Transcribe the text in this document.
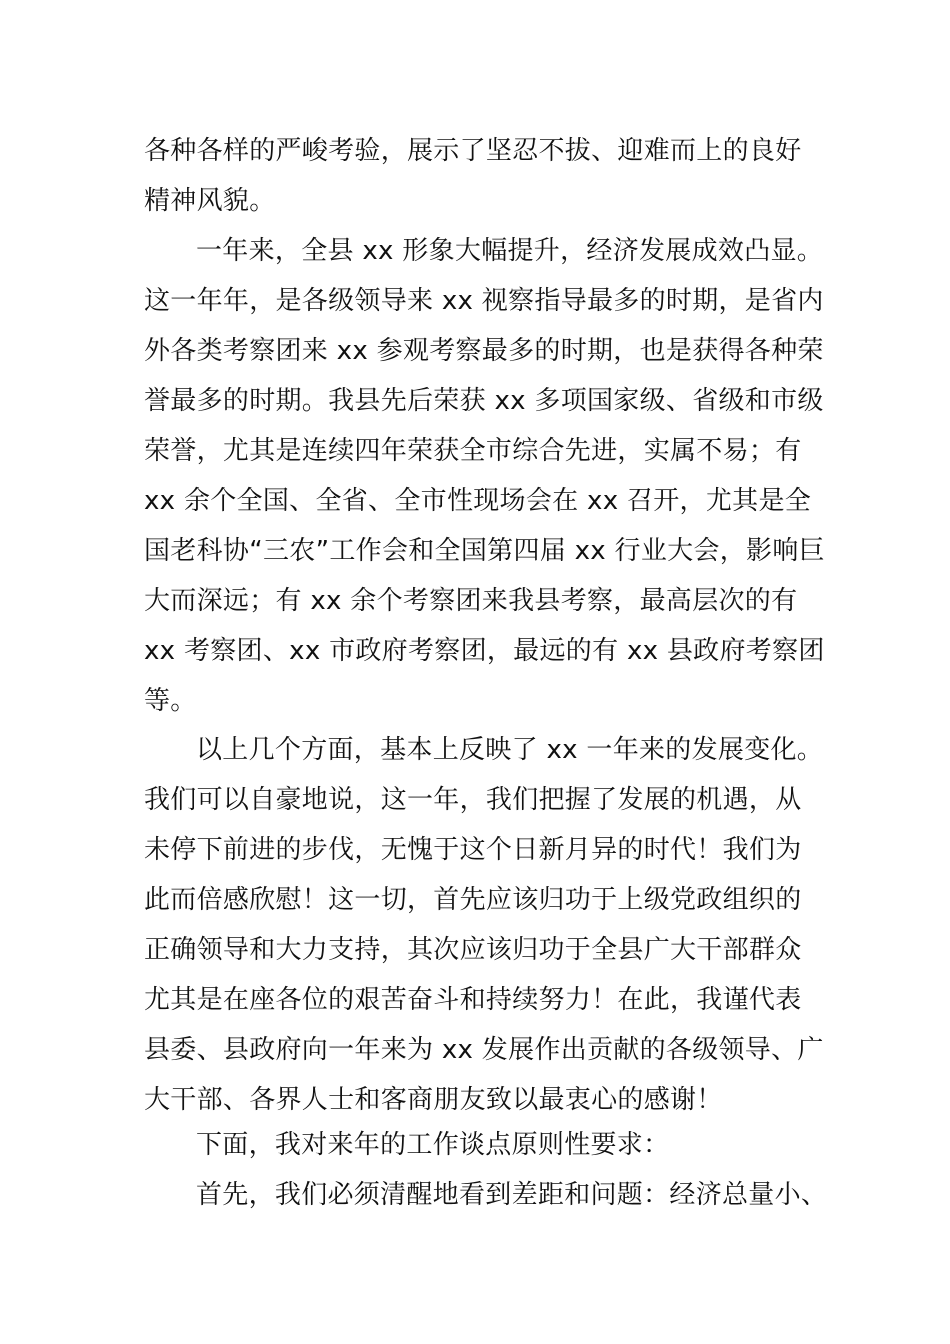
各种各样的严峻考验，展示了坚忍不拔、迎难而上的良好
精神风貌。
一年来，全县 xx 形象大幅提升，经济发展成效凸显。
这一年年，是各级领导来 xx 视察指导最多的时期，是省内
外各类考察团来 xx 参观考察最多的时期，也是获得各种荣
誉最多的时期。我县先后荣获 xx 多项国家级、省级和市级
荣誉，尤其是连续四年荣获全市综合先进，实属不易；有
xx 余个全国、全省、全市性现场会在 xx 召开，尤其是全
国老科协“三农”工作会和全国第四届 xx 行业大会，影响巨
大而深远；有 xx 余个考察团来我县考察，最高层次的有
xx 考察团、xx 市政府考察团，最远的有 xx 县政府考察团
等。
以上几个方面，基本上反映了 xx 一年来的发展变化。
我们可以自豪地说，这一年，我们把握了发展的机遇，从
未停下前进的步伐，无愧于这个日新月异的时代！我们为
此而倍感欣慰！这一切，首先应该归功于上级党政组织的
正确领导和大力支持，其次应该归功于全县广大干部群众
尤其是在座各位的艰苦奋斗和持续努力！在此，我谨代表
县委、县政府向一年来为 xx 发展作出贡献的各级领导、广
大干部、各界人士和客商朋友致以最衷心的感谢！
下面，我对来年的工作谈点原则性要求：
首先，我们必须清醒地看到差距和问题：经济总量小、
